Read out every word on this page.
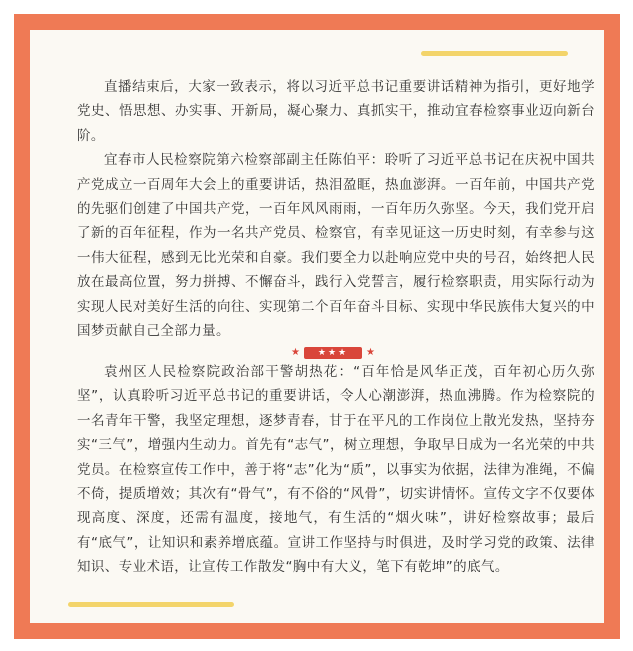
直播结束后，大家一致表示，将以习近平总书记重要讲话精神为指引，更好地学党史、悟思想、办实事、开新局，凝心聚力、真抓实干，推动宜春检察事业迈向新台阶。

宜春市人民检察院第六检察部副主任陈伯平：聆听了习近平总书记在庆祝中国共产党成立一百周年大会上的重要讲话，热泪盈眶，热血澎湃。一百年前，中国共产党的先驱们创建了中国共产党，一百年风风雨雨，一百年历久弥坚。今天，我们党开启了新的百年征程，作为一名共产党员、检察官，有幸见证这一历史时刻，有幸参与这一伟大征程，感到无比光荣和自豪。我们要全力以赴响应党中央的号召，始终把人民放在最高位置，努力拼搏、不懈奋斗，践行入党誓言，履行检察职责，用实际行动为实现人民对美好生活的向往、实现第二个百年奋斗目标、实现中华民族伟大复兴的中国梦贡献自己全部力量。

★	★★★	★

袁州区人民检察院政治部干警胡热花：“百年恰是风华正茂，百年初心历久弥坚”，认真聆听习近平总书记的重要讲话，令人心潮澎湃，热血沸腾。作为检察院的一名青年干警，我坚定理想，逐梦青春，甘于在平凡的工作岗位上散光发热，坚持夯实“三气”，增强内生动力。首先有“志气”，树立理想，争取早日成为一名光荣的中共党员。在检察宣传工作中，善于将“志”化为“质”，以事实为依据，法律为准绳，不偏不倚，提质增效；其次有“骨气”，有不俗的“风骨”，切实讲情怀。宣传文字不仅要体现高度、深度，还需有温度，接地气，有生活的“烟火味”，讲好检察故事；最后有“底气”，让知识和素养增底蕴。宣讲工作坚持与时俱进，及时学习党的政策、法律知识、专业术语，让宣传工作散发“胸中有大义，笔下有乾坤”的底气。
